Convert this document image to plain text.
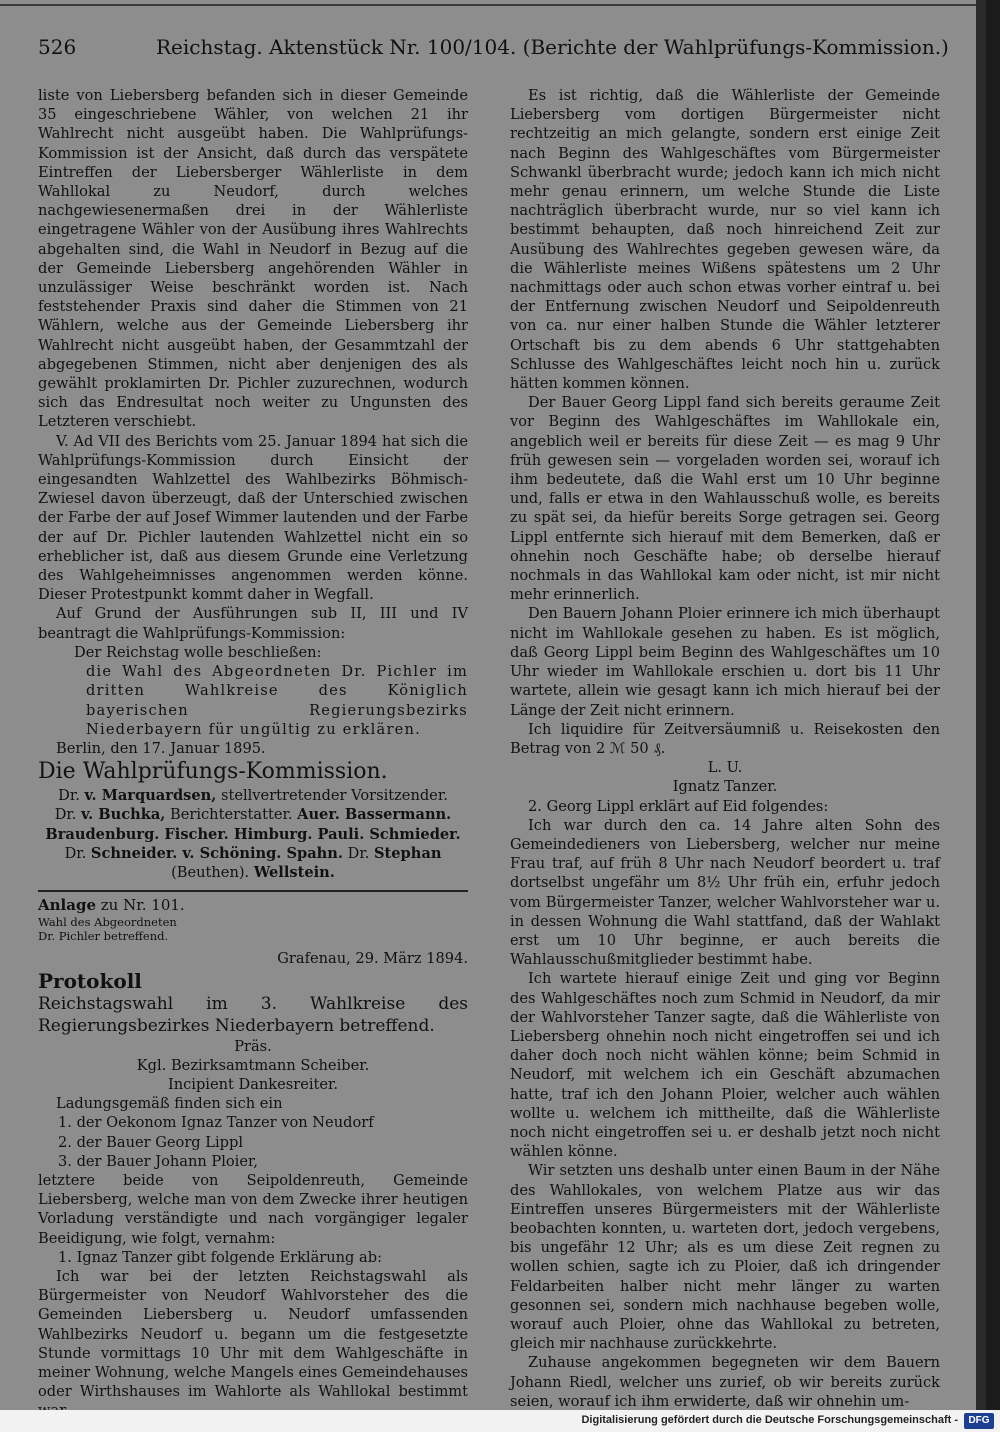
526	Reichstag. Aktenstück Nr. 100/104. (Berichte der Wahlprüfungs-Kommission.)

liste von Liebersberg befanden sich in dieser Gemeinde 35 eingeschriebene Wähler, von welchen 21 ihr Wahlrecht nicht ausgeübt haben. Die Wahlprüfungs-Kommission ist der Ansicht, daß durch das verspätete Eintreffen der Liebersberger Wählerliste in dem Wahllokal zu Neudorf, durch welches nachgewiesenermaßen drei in der Wählerliste eingetragene Wähler von der Ausübung ihres Wahlrechts abgehalten sind, die Wahl in Neudorf in Bezug auf die der Gemeinde Liebersberg angehörenden Wähler in unzulässiger Weise beschränkt worden ist. Nach feststehender Praxis sind daher die Stimmen von 21 Wählern, welche aus der Gemeinde Liebersberg ihr Wahlrecht nicht ausgeübt haben, der Gesammtzahl der abgegebenen Stimmen, nicht aber denjenigen des als gewählt proklamirten Dr. Pichler zuzurechnen, wodurch sich das Endresultat noch weiter zu Ungunsten des Letzteren verschiebt.

V. Ad VII des Berichts vom 25. Januar 1894 hat sich die Wahlprüfungs-Kommission durch Einsicht der eingesandten Wahlzettel des Wahlbezirks Böhmisch-Zwiesel davon überzeugt, daß der Unterschied zwischen der Farbe der auf Josef Wimmer lautenden und der Farbe der auf Dr. Pichler lautenden Wahlzettel nicht ein so erheblicher ist, daß aus diesem Grunde eine Verletzung des Wahlgeheimnisses angenommen werden könne. Dieser Protestpunkt kommt daher in Wegfall.

Auf Grund der Ausführungen sub II, III und IV beantragt die Wahlprüfungs-Kommission:

Der Reichstag wolle beschließen:

die Wahl des Abgeordneten Dr. Pichler im dritten Wahlkreise des Königlich bayerischen Regierungsbezirks Niederbayern für ungültig zu erklären.

Berlin, den 17. Januar 1895.

Die Wahlprüfungs-Kommission.

Dr. v. Marquardsen, stellvertretender Vorsitzender.

Dr. v. Buchka, Berichterstatter. Auer. Bassermann.

Braudenburg. Fischer. Himburg. Pauli. Schmieder.

Dr. Schneider. v. Schöning. Spahn. Dr. Stephan

(Beuthen). Wellstein.

Anlage zu Nr. 101.

Wahl des Abgeordneten

Dr. Pichler betreffend.

Grafenau, 29. März 1894.

Protokoll

Reichstagswahl im 3. Wahlkreise des Regierungsbezirkes Niederbayern betreffend.

Präs.

Kgl. Bezirksamtmann Scheiber.

Incipient Dankesreiter.

Ladungsgemäß finden sich ein

1. der Oekonom Ignaz Tanzer von Neudorf

2. der Bauer Georg Lippl

3. der Bauer Johann Ploier,

letztere beide von Seipoldenreuth, Gemeinde Liebersberg, welche man von dem Zwecke ihrer heutigen Vorladung verständigte und nach vorgängiger legaler Beeidigung, wie folgt, vernahm:

1. Ignaz Tanzer gibt folgende Erklärung ab:

Ich war bei der letzten Reichstagswahl als Bürgermeister von Neudorf Wahlvorsteher des die Gemeinden Liebersberg u. Neudorf umfassenden Wahlbezirks Neudorf u. begann um die festgesetzte Stunde vormittags 10 Uhr mit dem Wahlgeschäfte in meiner Wohnung, welche Mangels eines Gemeindehauses oder Wirthshauses im Wahlorte als Wahllokal bestimmt

Es ist richtig, daß die Wählerliste der Gemeinde Liebersberg vom dortigen Bürgermeister nicht rechtzeitig an mich gelangte, sondern erst einige Zeit nach Beginn des Wahlgeschäftes vom Bürgermeister Schwankl überbracht wurde; jedoch kann ich mich nicht mehr genau erinnern, um welche Stunde die Liste nachträglich überbracht wurde, nur so viel kann ich bestimmt behaupten, daß noch hinreichend Zeit zur Ausübung des Wahlrechtes gegeben gewesen wäre, da die Wählerliste meines Wißens spätestens um 2 Uhr nachmittags oder auch schon etwas vorher eintraf u. bei der Entfernung zwischen Neudorf und Seipoldenreuth von ca. nur einer halben Stunde die Wähler letzterer Ortschaft bis zu dem abends 6 Uhr stattgehabten Schlusse des Wahlgeschäftes leicht noch hin u. zurück hätten kommen können.

Der Bauer Georg Lippl fand sich bereits geraume Zeit vor Beginn des Wahlgeschäftes im Wahllokale ein, angeblich weil er bereits für diese Zeit — es mag 9 Uhr früh gewesen sein — vorgeladen worden sei, worauf ich ihm bedeutete, daß die Wahl erst um 10 Uhr beginne und, falls er etwa in den Wahlausschuß wolle, es bereits zu spät sei, da hiefür bereits Sorge getragen sei. Georg Lippl entfernte sich hierauf mit dem Bemerken, daß er ohnehin noch Geschäfte habe; ob derselbe hierauf nochmals in das Wahllokal kam oder nicht, ist mir nicht mehr erinnerlich.

Den Bauern Johann Ploier erinnere ich mich überhaupt nicht im Wahllokale gesehen zu haben. Es ist möglich, daß Georg Lippl beim Beginn des Wahlgeschäftes um 10 Uhr wieder im Wahllokale erschien u. dort bis 11 Uhr wartete, allein wie gesagt kann ich mich hierauf bei der Länge der Zeit nicht erinnern.

Ich liquidire für Zeitversäumniß u. Reisekosten den Betrag von 2 ℳ 50 ₰.

L. U.

Ignatz Tanzer.

2. Georg Lippl erklärt auf Eid folgendes:

Ich war durch den ca. 14 Jahre alten Sohn des Gemeindedieners von Liebersberg, welcher nur meine Frau traf, auf früh 8 Uhr nach Neudorf beordert u. traf dortselbst ungefähr um 8½ Uhr früh ein, erfuhr jedoch vom Bürgermeister Tanzer, welcher Wahlvorsteher war u. in dessen Wohnung die Wahl stattfand, daß der Wahlakt erst um 10 Uhr beginne, er auch bereits die Wahlausschußmitglieder bestimmt habe.

Ich wartete hierauf einige Zeit und ging vor Beginn des Wahlgeschäftes noch zum Schmid in Neudorf, da mir der Wahlvorsteher Tanzer sagte, daß die Wählerliste von Liebersberg ohnehin noch nicht eingetroffen sei und ich daher doch noch nicht wählen könne; beim Schmid in Neudorf, mit welchem ich ein Geschäft abzumachen hatte, traf ich den Johann Ploier, welcher auch wählen wollte u. welchem ich mittheilte, daß die Wählerliste noch nicht eingetroffen sei u. er deshalb jetzt noch nicht wählen könne.

Wir setzten uns deshalb unter einen Baum in der Nähe des Wahllokales, von welchem Platze aus wir das Eintreffen unseres Bürgermeisters mit der Wählerliste beobachten konnten, u. warteten dort, jedoch vergebens, bis ungefähr 12 Uhr; als es um diese Zeit regnen zu wollen schien, sagte ich zu Ploier, daß ich dringender Feldarbeiten halber nicht mehr länger zu warten gesonnen sei, sondern mich nachhause begeben wolle, worauf auch Ploier, ohne das Wahllokal zu betreten, gleich mir nachhause zurückkehrte.

Zuhause angekommen begegneten wir dem Bauern Johann Riedl, welcher uns zurief, ob wir bereits zurück seien, worauf ich ihm erwiderte, daß wir ohnehin um-

Digitalisierung gefördert durch die Deutsche Forschungsgemeinschaft -	DFG
